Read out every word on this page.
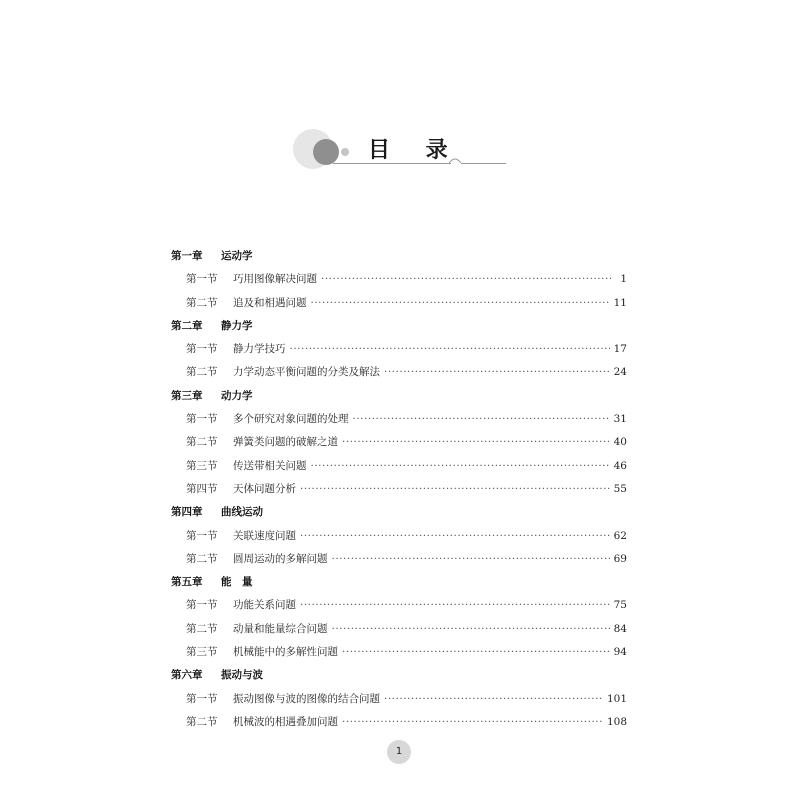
目 录
第一章 运动学
第一节	巧用图像解决问题 ·····	1
第二节	追及和相遇问题 ·····	11
第二章 静力学
第一节	静力学技巧 ·····	17
第二节	力学动态平衡问题的分类及解法 ·····	24
第三章 动力学
第一节	多个研究对象问题的处理 ·····	31
第二节	弹簧类问题的破解之道 ·····	40
第三节	传送带相关问题 ·····	46
第四节	天体问题分析 ·····	55
第四章 曲线运动
第一节	关联速度问题 ·····	62
第二节	圆周运动的多解问题 ·····	69
第五章 能　量
第一节	功能关系问题 ·····	75
第二节	动量和能量综合问题 ·····	84
第三节	机械能中的多解性问题 ·····	94
第六章 振动与波
第一节	振动图像与波的图像的结合问题 ·····	101
第二节	机械波的相遇叠加问题 ·····	108
1
